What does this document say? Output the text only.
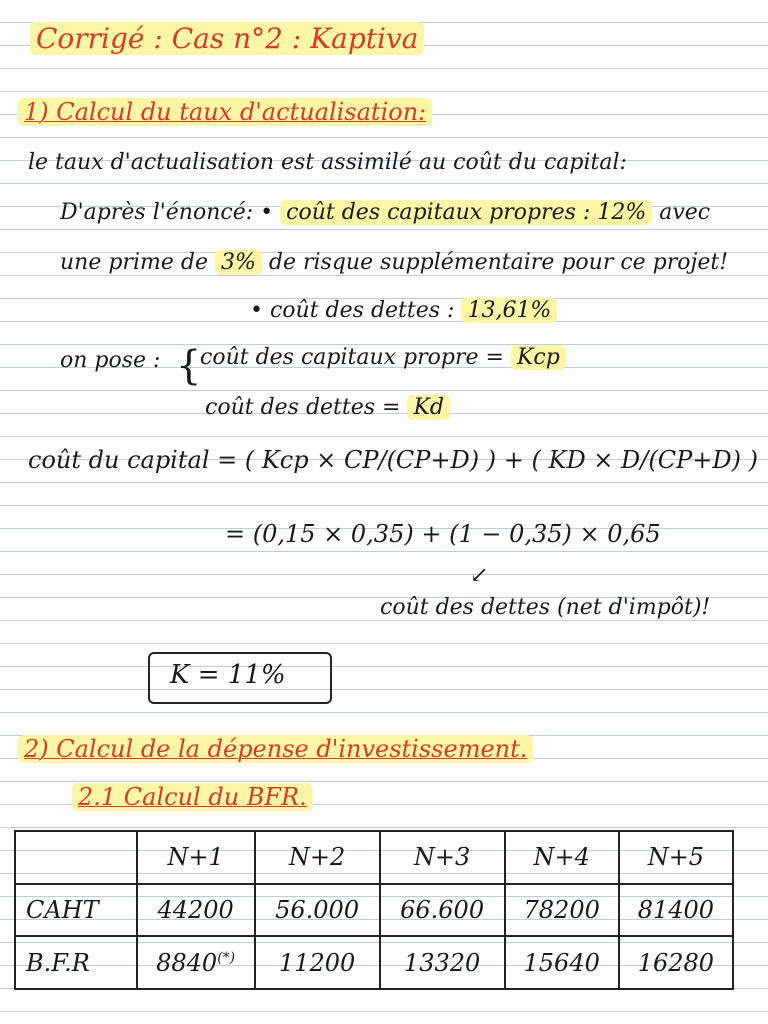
Corrigé : Cas n°2 : Kaptiva
1) Calcul du taux d'actualisation:
le taux d'actualisation est assimilé au coût du capital:
D'après l'énoncé: • coût des capitaux propres : 12% avec
une prime de 3% de risque supplémentaire pour ce projet!
• coût des dettes : 13,61%
on pose : {
coût des capitaux propre = Kcp
coût des dettes = Kd
coût du capital = ( Kcp × CP/(CP+D) ) + ( KD × D/(CP+D) )
= (0,15 × 0,35) + (1 − 0,35) × 0,65
↙
coût des dettes (net d'impôt)!
K = 11%
2) Calcul de la dépense d'investissement.
2.1 Calcul du BFR.
	N+1	N+2	N+3	N+4	N+5
CAHT	44200	56.000	66.600	78200	81400
B.F.R	8840(*)	11200	13320	15640	16280
